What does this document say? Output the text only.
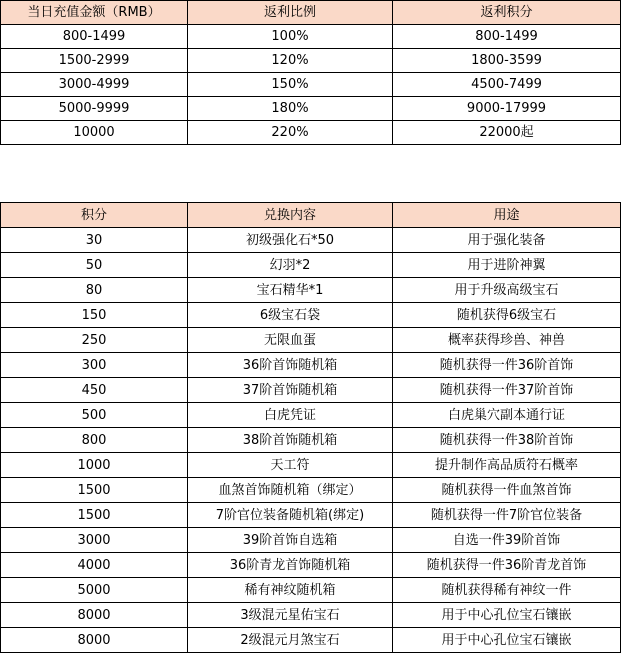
当日充值金额（RMB）	返利比例	返利积分
800-1499	100%	800-1499
1500-2999	120%	1800-3599
3000-4999	150%	4500-7499
5000-9999	180%	9000-17999
10000	220%	22000起
积分	兑换内容	用途
30	初级强化石*50	用于强化装备
50	幻羽*2	用于进阶神翼
80	宝石精华*1	用于升级高级宝石
150	6级宝石袋	随机获得6级宝石
250	无限血蛋	概率获得珍兽、神兽
300	36阶首饰随机箱	随机获得一件36阶首饰
450	37阶首饰随机箱	随机获得一件37阶首饰
500	白虎凭证	白虎巢穴副本通行证
800	38阶首饰随机箱	随机获得一件38阶首饰
1000	天工符	提升制作高品质符石概率
1500	血煞首饰随机箱（绑定）	随机获得一件血煞首饰
1500	7阶官位装备随机箱(绑定)	随机获得一件7阶官位装备
3000	39阶首饰自选箱	自选一件39阶首饰
4000	36阶青龙首饰随机箱	随机获得一件36阶青龙首饰
5000	稀有神纹随机箱	随机获得稀有神纹一件
8000	3级混元星佑宝石	用于中心孔位宝石镶嵌
8000	2级混元月煞宝石	用于中心孔位宝石镶嵌
